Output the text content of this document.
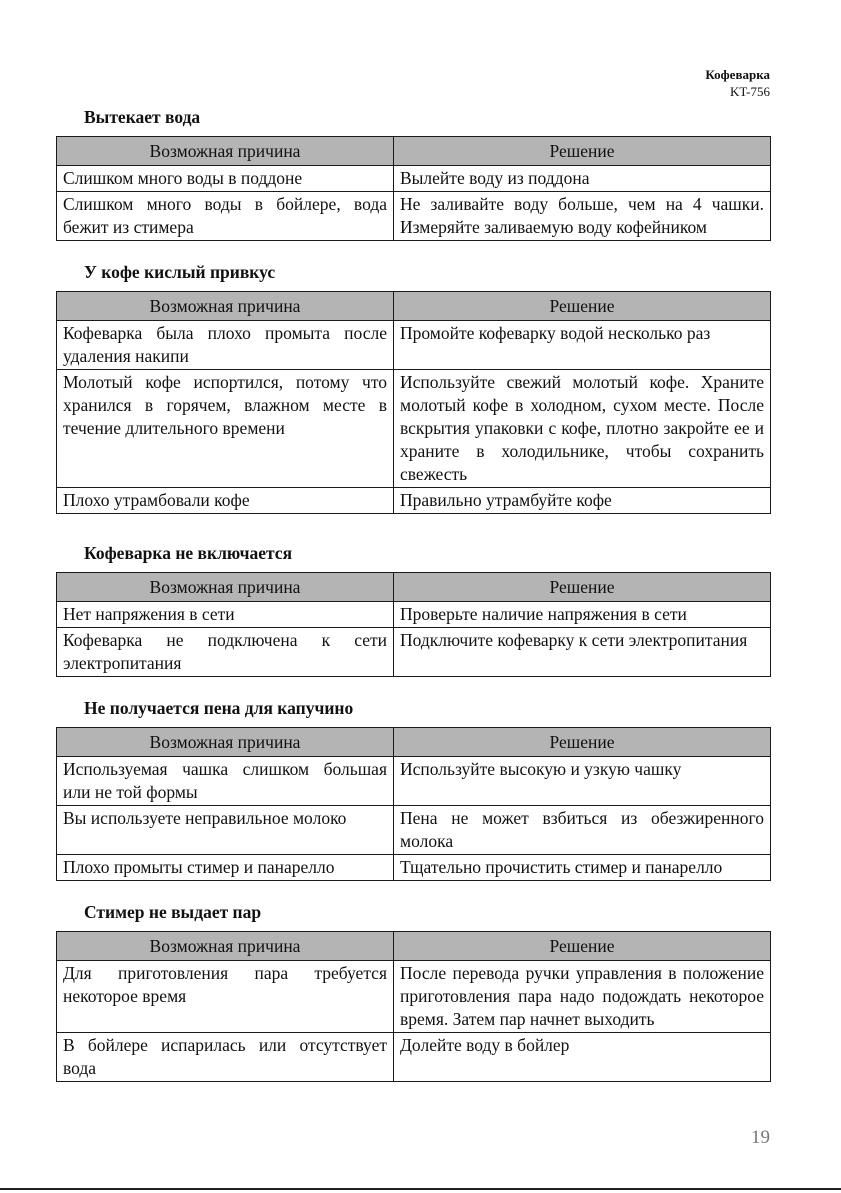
Кофеварка
KT-756
Вытекает вода
Возможная причина	Решение
Слишком много воды в поддоне	Вылейте воду из поддона
Слишком много воды в бойлере, вода бежит из стимера	Не заливайте воду больше, чем на 4 чашки. Измеряйте заливаемую воду кофейником
У кофе кислый привкус
Возможная причина	Решение
Кофеварка была плохо промыта после удаления накипи	Промойте кофеварку водой несколько раз
Молотый кофе испортился, потому что хранился в горячем, влажном месте в течение длительного времени	Используйте свежий молотый кофе. Храните молотый кофе в холодном, сухом месте. После вскрытия упаковки с кофе, плотно закройте ее и храните в холодильнике, чтобы сохранить свежесть
Плохо утрамбовали кофе	Правильно утрамбуйте кофе
Кофеварка не включается
Возможная причина	Решение
Нет напряжения в сети	Проверьте наличие напряжения в сети
Кофеварка не подключена к сети электропитания	Подключите кофеварку к сети электропитания
Не получается пена для капучино
Возможная причина	Решение
Используемая чашка слишком большая или не той формы	Используйте высокую и узкую чашку
Вы используете неправильное молоко	Пена не может взбиться из обезжиренного молока
Плохо промыты стимер и панарелло	Тщательно прочистить стимер и панарелло
Стимер не выдает пар
Возможная причина	Решение
Для приготовления пара требуется некоторое время	После перевода ручки управления в положение приготовления пара надо подождать некоторое время. Затем пар начнет выходить
В бойлере испарилась или отсутствует вода	Долейте воду в бойлер
19
